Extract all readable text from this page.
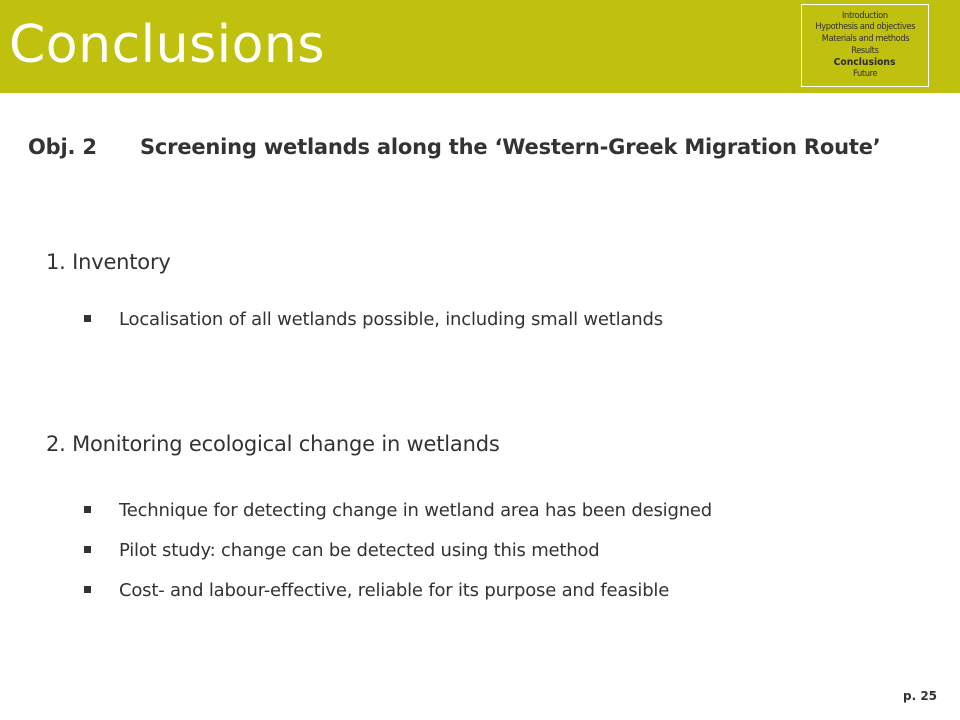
Conclusions	Introduction
Hypothesis and objectives
Materials and methods
Results
Conclusions
Future
Obj. 2 Screening wetlands along the ‘Western-Greek Migration Route’
1. Inventory
Localisation of all wetlands possible, including small wetlands
2. Monitoring ecological change in wetlands
Technique for detecting change in wetland area has been designed
Pilot study: change can be detected using this method
Cost- and labour-effective, reliable for its purpose and feasible
p. 25
